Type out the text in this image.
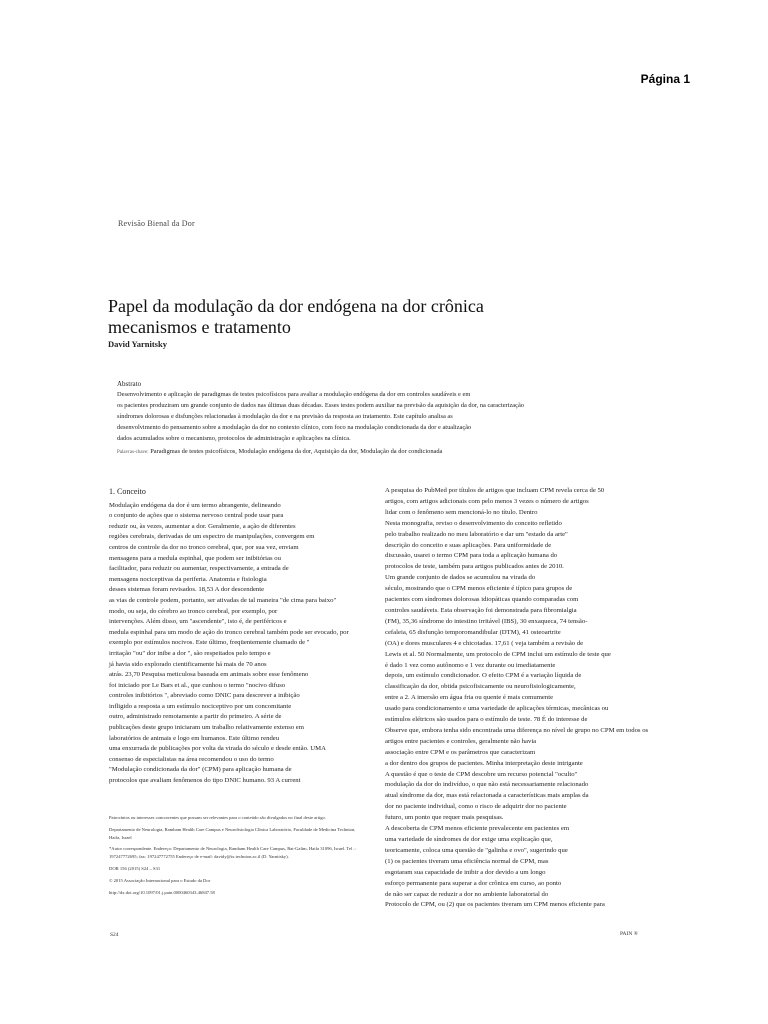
Página 1
Revisão Bienal da Dor
Papel da modulação da dor endógena na dor crônica
mecanismos e tratamento
David Yarnitsky
Abstrato

Desenvolvimento e aplicação de paradigmas de testes psicofísicos para avaliar a modulação endógena da dor em controles saudáveis e em

os pacientes produziram um grande conjunto de dados nas últimas duas décadas. Esses testes podem auxiliar na previsão da aquisição da dor, na caracterização

síndromes dolorosas e disfunções relacionadas à modulação da dor e na previsão da resposta ao tratamento. Este capítulo analisa as

desenvolvimento do pensamento sobre a modulação da dor no contexto clínico, com foco na modulação condicionada da dor e atualização

dados acumulados sobre o mecanismo, protocolos de administração e aplicações na clínica.

Palavras-chave: Paradigmas de testes psicofísicos, Modulação endógena da dor, Aquisição da dor, Modulação da dor condicionada
1. Conceito
Modulação endógena da dor é um termo abrangente, delineando
o conjunto de ações que o sistema nervoso central pode usar para
reduzir ou, às vezes, aumentar a dor. Geralmente, a ação de diferentes
regiões cerebrais, derivadas de um espectro de manipulações, convergem em
centros de controle da dor no tronco cerebral, que, por sua vez, enviam
mensagens para a medula espinhal, que podem ser inibitórias ou
facilitador, para reduzir ou aumentar, respectivamente, a entrada de
mensagens nociceptivas da periferia. Anatomia e fisiologia
desses sistemas foram revisados. 18,53 A dor descendente
as vias de controle podem, portanto, ser ativadas de tal maneira "de cima para baixo"
modo, ou seja, do cérebro ao tronco cerebral, por exemplo, por
intervenções. Além disso, um "ascendente", isto é, de periféricos e
medula espinhal para um modo de ação do tronco cerebral também pode ser evocado, por
exemplo por estímulos nocivos. Este último, freqüentemente chamado de "
irritação "ou" dor inibe a dor ", são respeitados pelo tempo e
já havia sido explorado cientificamente há mais de 70 anos
atrás. 23,70 Pesquisa meticulosa baseada em animais sobre esse fenômeno
foi iniciado por Le Bars et al., que cunhou o termo "nocivo difuso
controles inibitórios ", abreviado como DNIC para descrever a inibição
infligido a resposta a um estímulo nociceptivo por um concomitante
outro, administrado remotamente a partir do primeiro. A série de
publicações deste grupo iniciaram um trabalho relativamente extenso em
laboratórios de animais e logo em humanos. Este último rendeu
uma enxurrada de publicações por volta da virada do século e desde então. UMA
consenso de especialistas na área recomendou o uso do termo
"Modulação condicionada da dor" (CPM) para aplicação humana de
protocolos que avaliam fenômenos do tipo DNIC humano. 93 A current
A pesquisa do PubMed por títulos de artigos que incluam CPM revela cerca de 50
artigos, com artigos adicionais com pelo menos 3 vezes o número de artigos
lidar com o fenômeno sem mencioná-lo no título. Dentro
Nesta monografia, reviso o desenvolvimento do conceito refletido
pelo trabalho realizado no meu laboratório e dar um "estado da arte"
descrição do conceito e suas aplicações. Para uniformidade de
discussão, usarei o termo CPM para toda a aplicação humana do
protocolos de teste, também para artigos publicados antes de 2010.
Um grande conjunto de dados se acumulou na virada do
século, mostrando que o CPM menos eficiente é típico para grupos de
pacientes com síndromes dolorosas idiopáticas quando comparadas com
controles saudáveis. Esta observação foi demonstrada para fibromialgia
(FM), 35,36 síndrome do intestino irritável (IBS), 30 enxaqueca, 74 tensão-
cefaleia, 65 disfunção temporomandibular (DTM), 41 osteoartrite
(OA) e dores musculares 4 e chicotadas. 17,61 ( veja também a revisão de
Lewis et al. 50 Normalmente, um protocolo de CPM inclui um estímulo de teste que
é dado 1 vez como autônomo e 1 vez durante ou imediatamente
depois, um estímulo condicionador. O efeito CPM é a variação líquida de
classificação da dor, obtida psicofisicamente ou neurofisiologicamente,
entre a 2. A imersão em água fria ou quente é mais comumente
usado para condicionamento e uma variedade de aplicações térmicas, mecânicas ou
estímulos elétricos são usados para o estímulo de teste. 78 É do interesse de
Observe que, embora tenha sido encontrada uma diferença no nível de grupo no CPM em todos os
artigos entre pacientes e controles, geralmente não havia
associação entre CPM e os parâmetros que caracterizam
a dor dentro dos grupos de pacientes. Minha interpretação deste intrigante
A questão é que o teste de CPM descobre um recurso potencial "oculto"
modulação da dor do indivíduo, o que não está necessariamente relacionado
atual síndrome da dor, mas está relacionada a características mais amplas da
dor no paciente individual, como o risco de adquirir dor no paciente
futuro, um ponto que requer mais pesquisas.
A descoberta de CPM menos eficiente prevalecente em pacientes em
uma variedade de síndromes de dor exige uma explicação que,
teoricamente, coloca uma questão de "galinha e ovo", sugerindo que
(1) os pacientes tiveram uma eficiência normal de CPM, mas
esgotaram sua capacidade de inibir a dor devido a um longo
esforço permanente para superar a dor crônica em curso, ao ponto
de não ser capaz de reduzir a dor no ambiente laboratorial do
Protocolo de CPM, ou (2) que os pacientes tiveram um CPM menos eficiente para

Patrocínios ou interesses concorrentes que possam ser relevantes para o conteúdo são divulgados no final deste artigo.

Departamento de Neurologia, Rambam Health Care Campus e Neurofisiologia Clínica Laboratório, Faculdade de Medicina Technion, Haifa, Israel

*Autor correspondente. Endereço: Departamento de Neurologia, Rambam Health Care Campus, Bat-Galim, Haifa 31096, Israel. Tel .: 197247772695; fax: 197247772755 Endereço de e-mail: davidy@tx.technion.ac.il (D. Yarnitsky).

DOR 156 (2015) S24 – S31

© 2015 Associação Internacional para o Estudo da Dor

http://dx.doi.org/10.1097/01.j.pain.0000460343.46847.58

S24	PAIN ®
